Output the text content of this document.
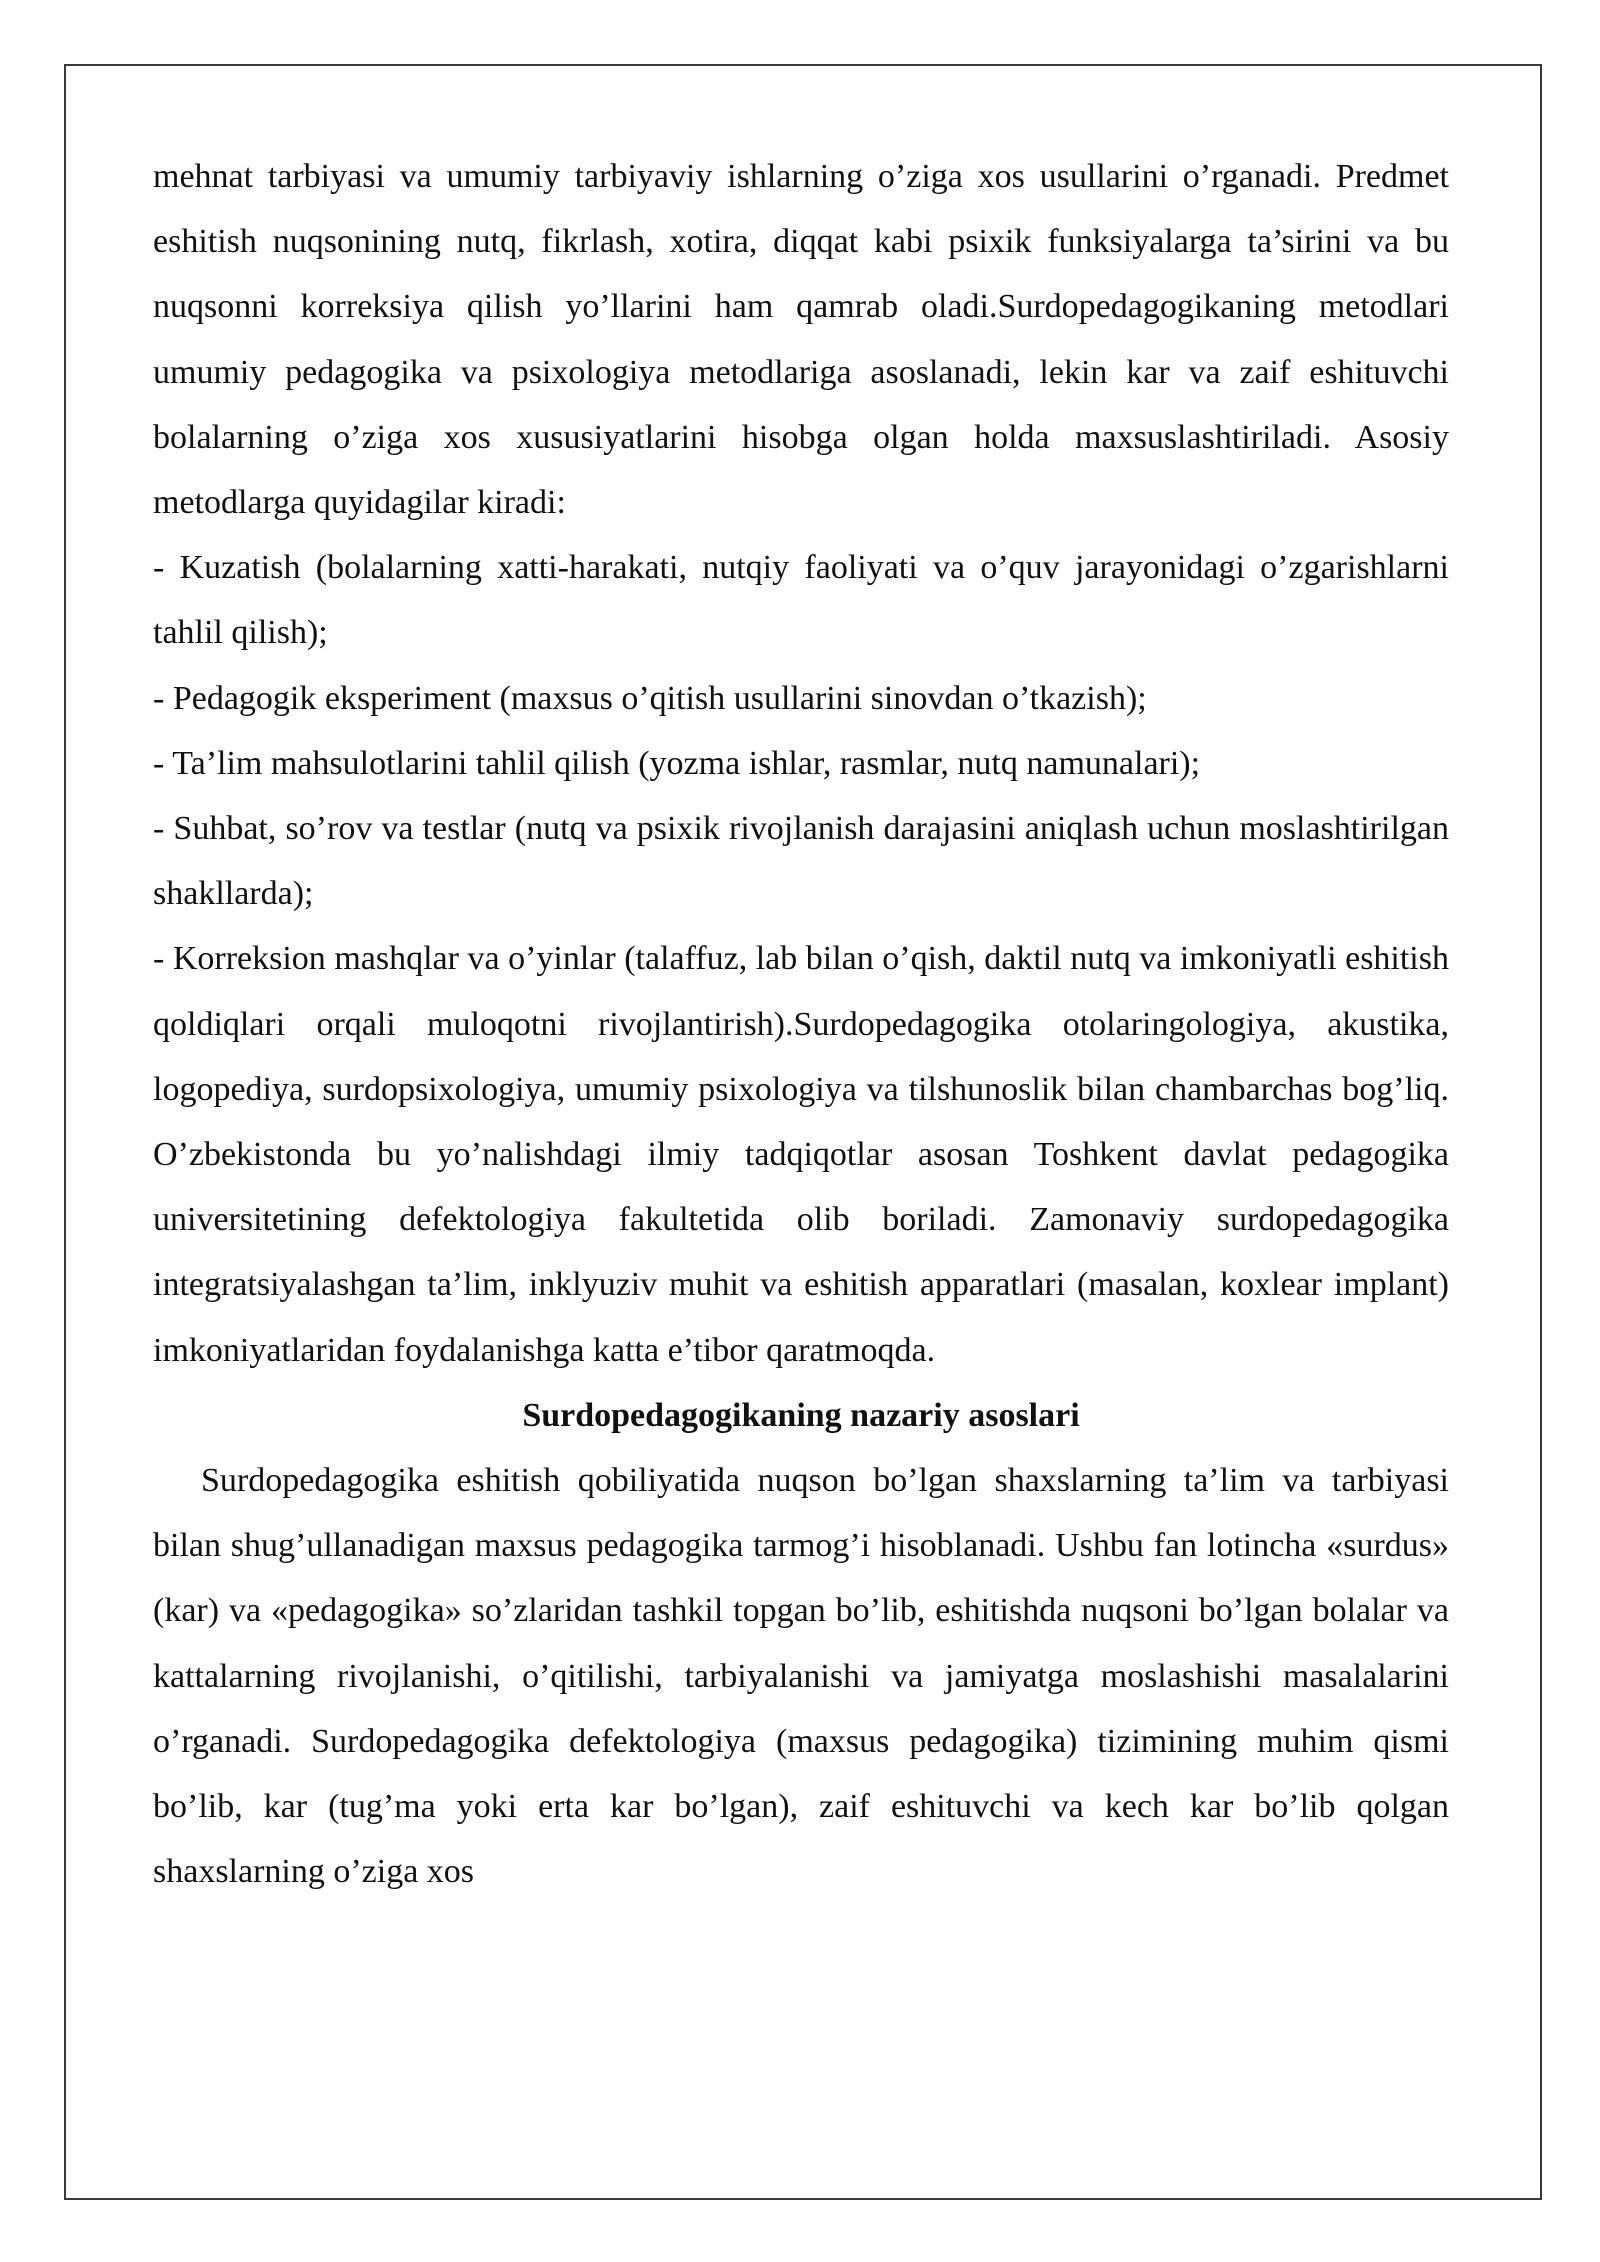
mehnat tarbiyasi va umumiy tarbiyaviy ishlarning o’ziga xos usullarini o’rganadi. Predmet eshitish nuqsonining nutq, fikrlash, xotira, diqqat kabi psixik funksiyalarga ta’sirini va bu nuqsonni korreksiya qilish yo’llarini ham qamrab oladi.Surdopedagogikaning metodlari umumiy pedagogika va psixologiya metodlariga asoslanadi, lekin kar va zaif eshituvchi bolalarning o’ziga xos xususiyatlarini hisobga olgan holda maxsuslashtiriladi. Asosiy metodlarga quyidagilar kiradi:

- Kuzatish (bolalarning xatti-harakati, nutqiy faoliyati va o’quv jarayonidagi o’zgarishlarni tahlil qilish);

- Pedagogik eksperiment (maxsus o’qitish usullarini sinovdan o’tkazish);

- Ta’lim mahsulotlarini tahlil qilish (yozma ishlar, rasmlar, nutq namunalari);

- Suhbat, so’rov va testlar (nutq va psixik rivojlanish darajasini aniqlash uchun moslashtirilgan shakllarda);

- Korreksion mashqlar va o’yinlar (talaffuz, lab bilan o’qish, daktil nutq va imkoniyatli eshitish qoldiqlari orqali muloqotni rivojlantirish).Surdopedagogika otolaringologiya, akustika, logopediya, surdopsixologiya, umumiy psixologiya va tilshunoslik bilan chambarchas bog’liq. O’zbekistonda bu yo’nalishdagi ilmiy tadqiqotlar asosan Toshkent davlat pedagogika universitetining defektologiya fakultetida olib boriladi. Zamonaviy surdopedagogika integratsiyalashgan ta’lim, inklyuziv muhit va eshitish apparatlari (masalan, koxlear implant) imkoniyatlaridan foydalanishga katta e’tibor qaratmoqda.

Surdopedagogikaning nazariy asoslari

Surdopedagogika eshitish qobiliyatida nuqson bo’lgan shaxslarning ta’lim va tarbiyasi bilan shug’ullanadigan maxsus pedagogika tarmog’i hisoblanadi. Ushbu fan lotincha «surdus» (kar) va «pedagogika» so’zlaridan tashkil topgan bo’lib, eshitishda nuqsoni bo’lgan bolalar va kattalarning rivojlanishi, o’qitilishi, tarbiyalanishi va jamiyatga moslashishi masalalarini o’rganadi. Surdopedagogika defektologiya (maxsus pedagogika) tizimining muhim qismi bo’lib, kar (tug’ma yoki erta kar bo’lgan), zaif eshituvchi va kech kar bo’lib qolgan shaxslarning o’ziga xos
